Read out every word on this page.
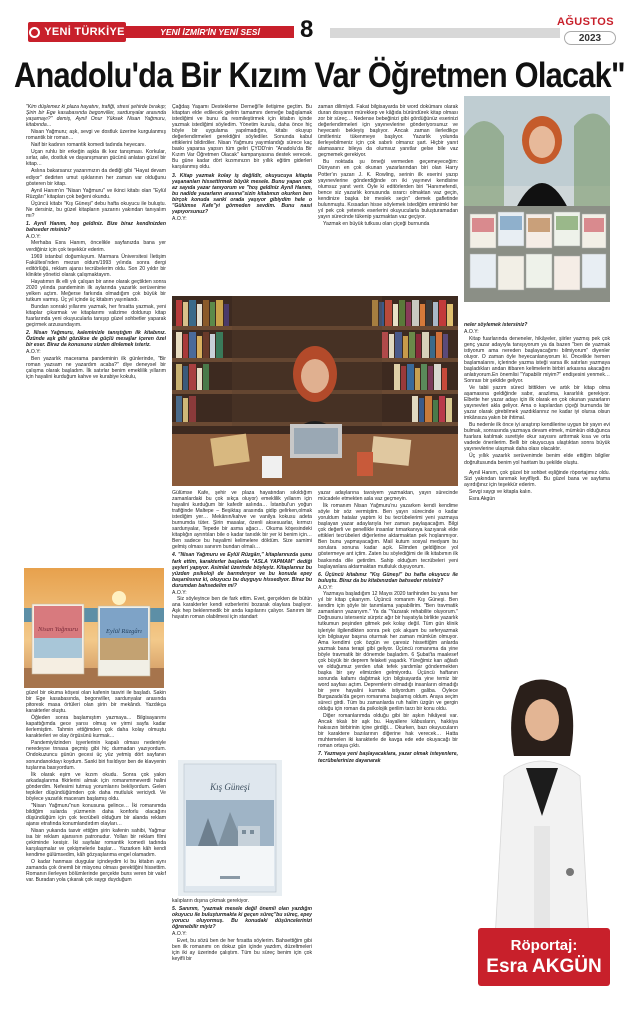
YENİ TÜRKİYE	YENİ İZMİR'İN YENİ SESİ 8	AĞUSTOS
2023
Anadolu'da Bir Kızım Var Öğretmen Olacak"

"Kim düşlemez ki plaza hayatını, trafiği, stresi şehirde bırakıp; Şirin bir Ege kasabasında begonviller, sardunyalar arasında yaşamayı?" demiş, Aynil Onur Yüksek Nisan Yağmuru, kitabında…

Nisan Yağmuru; aşk, sevgi ve dostluk üzerine kurgulanmış romantik bir roman…

Naif bir kadının romantik komedi tadında heyecanı.

Uçan ruhlu bir erkeğin aşkla ilk kez tanışması. Korkular, sırlar, aile, dostluk ve dayanışmanın gücünü anlatan güzel bir kitap…

Aslına bakarsanız yazarımızın da dediği gibi "Hayat devam ediyor" dedirten umut ışıklarının her zaman var olduğunu gösteren bir kitap.

Aynil Hanım'ın "Nisan Yağmuru" ve ikinci kitabı olan "Eylül Rüzgârı" kitapları çok beğeni okundu.

Üçüncü kitabı "Kış Güneşi" debu hafta okuyucu ile buluştu. Ne dersiniz, bu güzel kitapların yazarını yakından tanıyalım mı?

1. Aynil Hanım, hoş geldiniz. Bize biraz kendinizden bahseder misiniz?

A.O.Y:

Merhaba Esra Hanım, öncelikle sayfanızda bana yer verdiğiniz için çok teşekkür ederim.

1969 istanbul doğumluyum. Marmara Üniversitesi İletişim Fakültesi'nden mezun oldum/1993 yılında sonra dergi editörlüğü, reklam ajansı tecrübelerim oldu. Son 20 yıldır bir klinikte yönetici olarak çalışmaktayım.

Hayatımın ilk elli yılı çalışan bir anne olarak geçtikten sonra 2020 yılında pandeminin ilk aylarında yazarlık serüvenime yelken açtım. Meğerse farkında olmadığım çok büyük bir tutkum varmış. Üç yıl içinde üç kitabım yayınlandı.

Bundan sonraki yıllarımı yazmak, her fırsatta yazmak, yeni kitaplar çıkarmak ve kitaplarımı valizime doldurup kitap fuarlarında yeni okuyucularla tanışıp güzel sohbetler yaparak geçirmek arzusundayım.

2. Nisan Yağmuru, kaleminizle tanıştığım ilk kitabınız. Özünde aşk gibi gözükse de güçlü mesajlar içeren özel bir eser. Biraz da konusunu sizden dinlemek isteriz.

A.O.Y:

Ben yazarlık macerama pandeminin ilk günlerinde, "Bir roman yazsam ne yazardım acaba?" diye deneysel bir çalışma olarak başladım. İlk satırlar benim emeklilik yıllarım için hayalini kurduğum kahve ve kurabiye kokulu,

Nisan Yağmuru	Eylül Rüzgârı

güzel bir okuma köşesi olan kafenin tasviri ile başladı. Sakin bir Ege kasabasında, begonviller, sardunyalar arasında pitoresk masa örtüleri olan şirin bir mekândı. Yazdıkça karakterler oluştu.

Öğleden sonra başlamıştım yazmaya… Bilgisayarımı kapattığımda gece yarısı olmuş ve yirmi sayfa kadar ilerlemiştim. Tahmin ettiğimden çok daha kolay olmuştu karakterleri ve olay örgüsünü kurmak…

Pandemiyiizinden işyerlerinin kapalı olması nedeniyle neredeyse tnnasa geçmiş gibi hiç durmadan yazıyordum. Ondokuzuncu günün gecesi üç yüz yetmiş dört sayfanın sonundanoktayı koydum. Sanki biri fısıldıyor ben de klavyenin tuşlarına basıyordum.

İlk olarak eşim ve kızım okudu. Sonra çok yakın arkadaşlarıma fikirlerini almak için romanımmeverdi halini gönderdim. Nefesimi tutmuş yorumlarını bekliyordum. Gelen tepkiler düşündüğümden çok daha mutluluk vericiydi. Ve böylece yazarlık maceram başlamış oldu.

"Nisan Yağmuru"nun konusuna gelince… İki romanımda bildiğim sularda yüzmenin daha konforlu olacağını düşündüğüm için çok tecrübeli olduğum bir alanda reklam ajansı etrafında konumlandırdım olayları…

Nisan yukarıda tasvir ettiğim şirin kafenin sahibi, Yağmur isa bir reklam ajansının patronudur. Yolları bir reklam filmi çekiminde kesişir. İki sayfalar romantik komedi tadında karşılaşmalar ve çekişmelerle başlar… Yazarken kâh kendi kendime gülümsedim, kâh gözyaşlarıma engel olamadım.

O kadar hanması duygular içindeydim ki bu kitabın aynı zamanda çok önemli bir misyonu olması gerektiğini hissettim. Romanın ilerleyen bölümlerinde gerçekte buns veren bir vakıf var. Buradan yola çıkarak çok saygı duyduğum

Çağdaş Yaşamı Destekleme Derneği'le iletişime geçtim. Bu kitaptan elde edilecek gelirin tamamını derneğe bağışlamak istediğimi ve bunu da resmileştirmek için kitabın içinde yazmak istediğimi söyledim. Yönetim kurulu, daha önce hiç böyle bir uygulama yapılmadığını, kitabı okuyup değerlendirmeleri gerektiğini söylediler. Sonunda kabul ettiklerini bildirdiler. Nisan Yağmuru yayımlandığı sürece kaç baskı yaparsa yapsın tüm geliri ÇYDD'nin "Anadolu'da Bir Kızım Var Öğretmen Olacak" kampanyasına destek verecek. Bu güne kadar dört kızımınızın bir yıllık eğitim giderleri karşılanmış oldu.

3. Kitap yazmak kolay iş değildir, okuyucuya kitapta yaşananları hissettirmek büyük mesele. Bunu yapan çok az sayıda yazar tanıyorum ve "hoş geldiniz Aynil Hanım, bu nadide yazarların arasına"sizin kitabınızı okurken ben birçok konuda sanki orada yaşıyor gibiydim hele o "Gülümse Kafe"yi görmeden sevdim. Bunu nasıl yapıyorsunuz?

A.O.Y:

zaman dilimiydi. Fakat bilgisayarda bir word dokümanı olarak duran dosyanın mürekkep ve kâğıda büründürek kitap olması zor bir süreç… Nedense bebeğinizi gibi gördüğünüz eserinizi değerlendirmeleri için yayınevlerine gönderiyorsunuz ve heyecanlı bekleyiş başlıyor. Ancak zaman ilerledikçe ümitleriniz tükenmeye başlıyor. Yazarlık yolunda ilerleyebilmeniz için çok sabırlı olmanız şart. Hiçbir yanıt alamasanız bileya da olumsuz yanıtlar gelse bile vaz geçmemek gerekiyor.

Bu noktada şu örneği vermeden geçemeyeceğim: Dünyanın en çok okunan yazarlarından biri olan Harry Potter'ın yazarı J. K. Rowling, serinin ilk eserini yazıp yayınevlerine gönderdiğinde on iki yayınevi kendisine olumsuz yanıt verir. Öyle ki editörlerden biri "Hanımefendi, bence siz yazarlık konusunda ısrarcı olmaktan vaz geçin, kendinize başka bir meslek seçin" demek gafletinde bulunmuştu. Kıssadan hisse söylemek istediğim eminimki her yıl pek çok yetenek eserlerini okuyucularla buluşturamadan yayın sürecinde tükenip yazmaktan vaz geçiyor.

Yazmak en büyük tutkusu olan çiçeği burnunda

Gülümse Kafe, şehir ve plaza hayatından sıkıldığım zamanlardaki bu çok sıkça oluyor) emeklilik yıllarım için hayalini kurduğum bir kafedir aslında… İstanbul'un yoğun trafiğinde Maltepe – Beşiktaş arasında gidip gelirken,olmak istediğim yer… Mekânın/kahve ve vanilya kokusu adeta burnumda tüter. Şirin masalar, özenli aksesuarlar, kırmızı sardunyalar, Tepede bir asma ağacı… Okuma köşesindeki kitaplığın ayrıntıları bile o kadar tanıdık bir yer ki benim için… Ben sadece bu hayalimi kelimelere döktüm. Size samimi gelmiş olması sanırım bundan olmalı…

4. "Nisan Yağmuru ve Eylül Rüzgârı," kitaplarınızda şunu fark ettim, karakterler başlarda "ASLA YAPMAM" dediği şeyleri yapıyor. Asimlat üzerinde böyleyiz. Kitaplarınız bu yüzden psikoloji de barındırıyor ve bu konuda epey başarılısınız ki, okuyucu bu duyguyu hissediyor. Biraz bu durumdan bahsedelim mi?

A.O.Y:

Siz söyleyince ben de fark ettim. Evet, gerçekten de bütün ana karakterler kendi ezberlerini bozarak olaylara başlıyor. Aşk hep beklenmedik bir anda kapılarını çalıyor. Sanırım bir hayatın roman olabilmesi için standart

Kış Güneşi

kalıpların dışına çıkmak gerekiyor.

5. Sanırım, "yazmak mesele değil önemli olan yazdığın okuyucu ile buluşturmakta ki geçen süreç"bu süreç, epey yorucu oluyormuş. Bu konudaki düşüncelerinizi öğrenebilir miyiz?

A.O.Y:

Evet, bu sözü ben de her fırsatta söylerim. Bahsettiğim gibi ben ilk romanımı on dokuz gün içinde yazdım, düzeltmeleri için iki ay üzerinde çalıştım. Tüm bu süreç benim için çok keyifli bir

yazar adaylarına tavsiyem yazmaktan, yayın sürecinde mücadele etmekten asla vaz geçmeyin.

İlk romanım Nisan Yağmuru'nu yazarken kendi kendime söyle bir söz vermiştim. Ben yayın sürecinde o kadar yoruldum hatalar yaptım ki bu tecrübelerimi yeni yazmaya başlayan yazar adaylarıyla her zaman paylaşacağım. Bilgi çok değerli ve genellikle insanlar tımarkanıya kazıyarak elde ettikleri tecrübeleri diğerlerine aktarmaktan pek hoşlanmıyor. Ben bunu yapmayacağım. Mail kutum sosyal medyam bu sorulara sonuna kadar açık. Elimden geldiğince yol göstermeye ant içtim. Zaten bu söylediğimi de ilk kitabımın ilk basksında dile getirdim. Sahip olduğum tecrübeleri yeni başlayanlara aktarmaktan mutluluk duyuyorum.

6. Üçüncü kitabınız "Kış Güneşi" bu hafta okuyucu ile buluştu. Biraz da bu kitabınızdan bahseder misiniz?

A.O.Y:

Yazmaya başladığım 12 Mayıs 2020 tarihinden bu yana her yıl bir kitap çıkarıyım. Üçüncü romanım Kış Güneşi. Ben kendim için şöyle bir tanımlama yapabilirim. "Ben travmatik zamanların yazarıyım." Ya da "Yazarak rehabilite oluyorum." Doğrusunu isterseniz sürpriz ağır bir hayatıyla birlikte yazarlık tutkumun peşinden gitmek pek kolay değil. Tüm gün klinik işleriyle ilgilendikten sonra pek çok akşam bu seferyazmak için bilgisayar başına oturmak her zaman mümkün olmuyor. Ama kendimi çok özgün ve çaresiz hissettiğim anlarda yazmak bana terapi gibi geliyor. Üçüncü romanıma da yine böyle travmatik bir dönemde başladım. 6 Şubat'ta maalesef çok büyük bir deprem felaketi yaşadık. Yüreğimiz kan ağladı ve olduğumuz yerden ufak tefek yardımlar göndermekten başka bir şey elimizden gelmiyordu. Üçüncü haftanın sonunda kafamı dağıtmak için bilgisayarda yine temiz bir word sayfası açtım. Depremlerin olmadığı insanların olmadığı bir yere hayalini kurmak istiyordum galiba. Öylece Burgazada'da geçen romanıma başlamış oldum. Araya seçim süreci girdi. Tüm bu zamanlarda ruh halim üzgün ve gergin olduğu için roman da psikolojik gerilim tarzı bir konu oldu.

Diğer romanlarımda olduğu gibi bir aşkın hikâyesi var. Ancak tıkalı bir aşk bu. Hayallere kâbusların, hakkiya hakısızın birbirinin içine girdiği… Okurken, bazı okuyucuların bir karaktere bazılarının diğerine hak verecek… Hatta muhtemelen iki karakterle de kavga ede ede okuyacağı bir roman ortaya çıktı.

7. Yazmaya yeni başlayacaklara, yazar olmak isteyenlere, tecrübelerinize dayanarak

neler söylemek istersiniz?

A.O.Y:

Kitap fuarlarında deneneler, hikâyeler, şiirler yazmış pek çok genç yazar adayıyla tanışıyorum ya da bazen "ben de yazmak istiyorum ama nereden başlayacağımı bilmiyorum" diyenler oluyor. O zaman öyle heyecanlanıyorum ki. Öncelikle hemen başlamalarını, içlerinde yazma isteği varsa ilk satırları yazmaya başladıkları andan itibaren kelimelerin birbiri arkasına akacağını anlatıyorum.En önemlisi "Yapabilir miyim?" endişesini yenmek… Sonrası bir şekilde geliyor.

Ve tabii yazım süreci bittikten ve artık bir kitap olma aşamasına geldiğinde sabır, arazlıma, kararlılık gerekiyor. Elbette her yazar adayı için ilk olarak en çok okunan yazarların yayınevleri akla geliyor. Ama o kapılardan çiçeği burnunda bir yazar olarak girebilmek yazdıklarınız ne kadar iyi olursa olsun imkânsıza yakın bir ihtimal.

Bu nedenle ilk önce iyi araştırıp kendilerine uygun bir yayın evi bulmak, sonrasında yazmaya devam etmek, mümkün olduğunca fuarlara katılmak suretiyle okur sayısını arttırmak kısa ve orta vadede önerilerim. Belli bir okuyucuya ulaştıktan sonra büyük yayınevlerine ulaşmak daha olası olacaktır.

Üç yıllık yazarlık serüvenimde benim elde ettiğim bilgiler doğrultusunda benim yol haritam bu şekilde oluştu.

Aynil Hanım, çok güzel bir sohbet eşliğinde röportajımız oldu. Sizi yakından tanımak keyifliydi. Bu güzel bana ve sayfama ayırdığınız için teşekkür ederim.

Sevgi saygı ve kitapla kalın.

Esra Akgün

Röportaj:
Esra AKGÜN
